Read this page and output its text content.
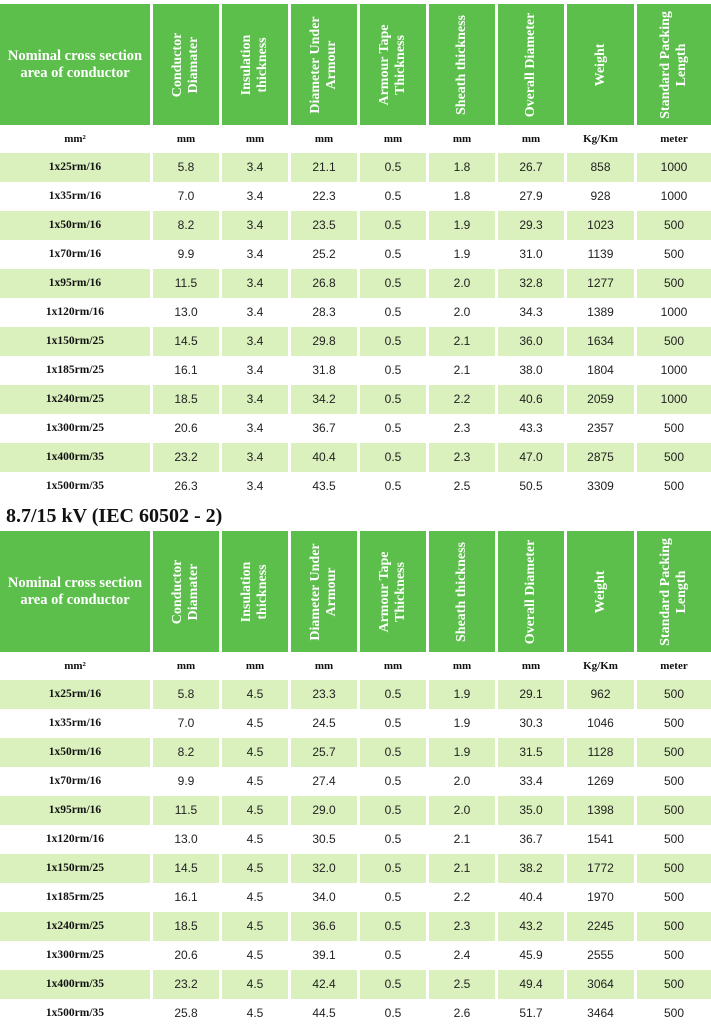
Nominal cross section area of conductor	Conductor Diamater	Insulation thickness	Diameter Under Armour	Armour Tape Thickness	Sheath thickness	Overall Diameter	Weight	Standard Packing Length
mm²	mm	mm	mm	mm	mm	mm	Kg/Km	meter
1x25rm/16	5.8	3.4	21.1	0.5	1.8	26.7	858	1000
1x35rm/16	7.0	3.4	22.3	0.5	1.8	27.9	928	1000
1x50rm/16	8.2	3.4	23.5	0.5	1.9	29.3	1023	500
1x70rm/16	9.9	3.4	25.2	0.5	1.9	31.0	1139	500
1x95rm/16	11.5	3.4	26.8	0.5	2.0	32.8	1277	500
1x120rm/16	13.0	3.4	28.3	0.5	2.0	34.3	1389	1000
1x150rm/25	14.5	3.4	29.8	0.5	2.1	36.0	1634	500
1x185rm/25	16.1	3.4	31.8	0.5	2.1	38.0	1804	1000
1x240rm/25	18.5	3.4	34.2	0.5	2.2	40.6	2059	1000
1x300rm/25	20.6	3.4	36.7	0.5	2.3	43.3	2357	500
1x400rm/35	23.2	3.4	40.4	0.5	2.3	47.0	2875	500
1x500rm/35	26.3	3.4	43.5	0.5	2.5	50.5	3309	500
8.7/15 kV (IEC 60502 - 2)
Nominal cross section area of conductor	Conductor Diamater	Insulation thickness	Diameter Under Armour	Armour Tape Thickness	Sheath thickness	Overall Diameter	Weight	Standard Packing Length
mm²	mm	mm	mm	mm	mm	mm	Kg/Km	meter
1x25rm/16	5.8	4.5	23.3	0.5	1.9	29.1	962	500
1x35rm/16	7.0	4.5	24.5	0.5	1.9	30.3	1046	500
1x50rm/16	8.2	4.5	25.7	0.5	1.9	31.5	1128	500
1x70rm/16	9.9	4.5	27.4	0.5	2.0	33.4	1269	500
1x95rm/16	11.5	4.5	29.0	0.5	2.0	35.0	1398	500
1x120rm/16	13.0	4.5	30.5	0.5	2.1	36.7	1541	500
1x150rm/25	14.5	4.5	32.0	0.5	2.1	38.2	1772	500
1x185rm/25	16.1	4.5	34.0	0.5	2.2	40.4	1970	500
1x240rm/25	18.5	4.5	36.6	0.5	2.3	43.2	2245	500
1x300rm/25	20.6	4.5	39.1	0.5	2.4	45.9	2555	500
1x400rm/35	23.2	4.5	42.4	0.5	2.5	49.4	3064	500
1x500rm/35	25.8	4.5	44.5	0.5	2.6	51.7	3464	500
